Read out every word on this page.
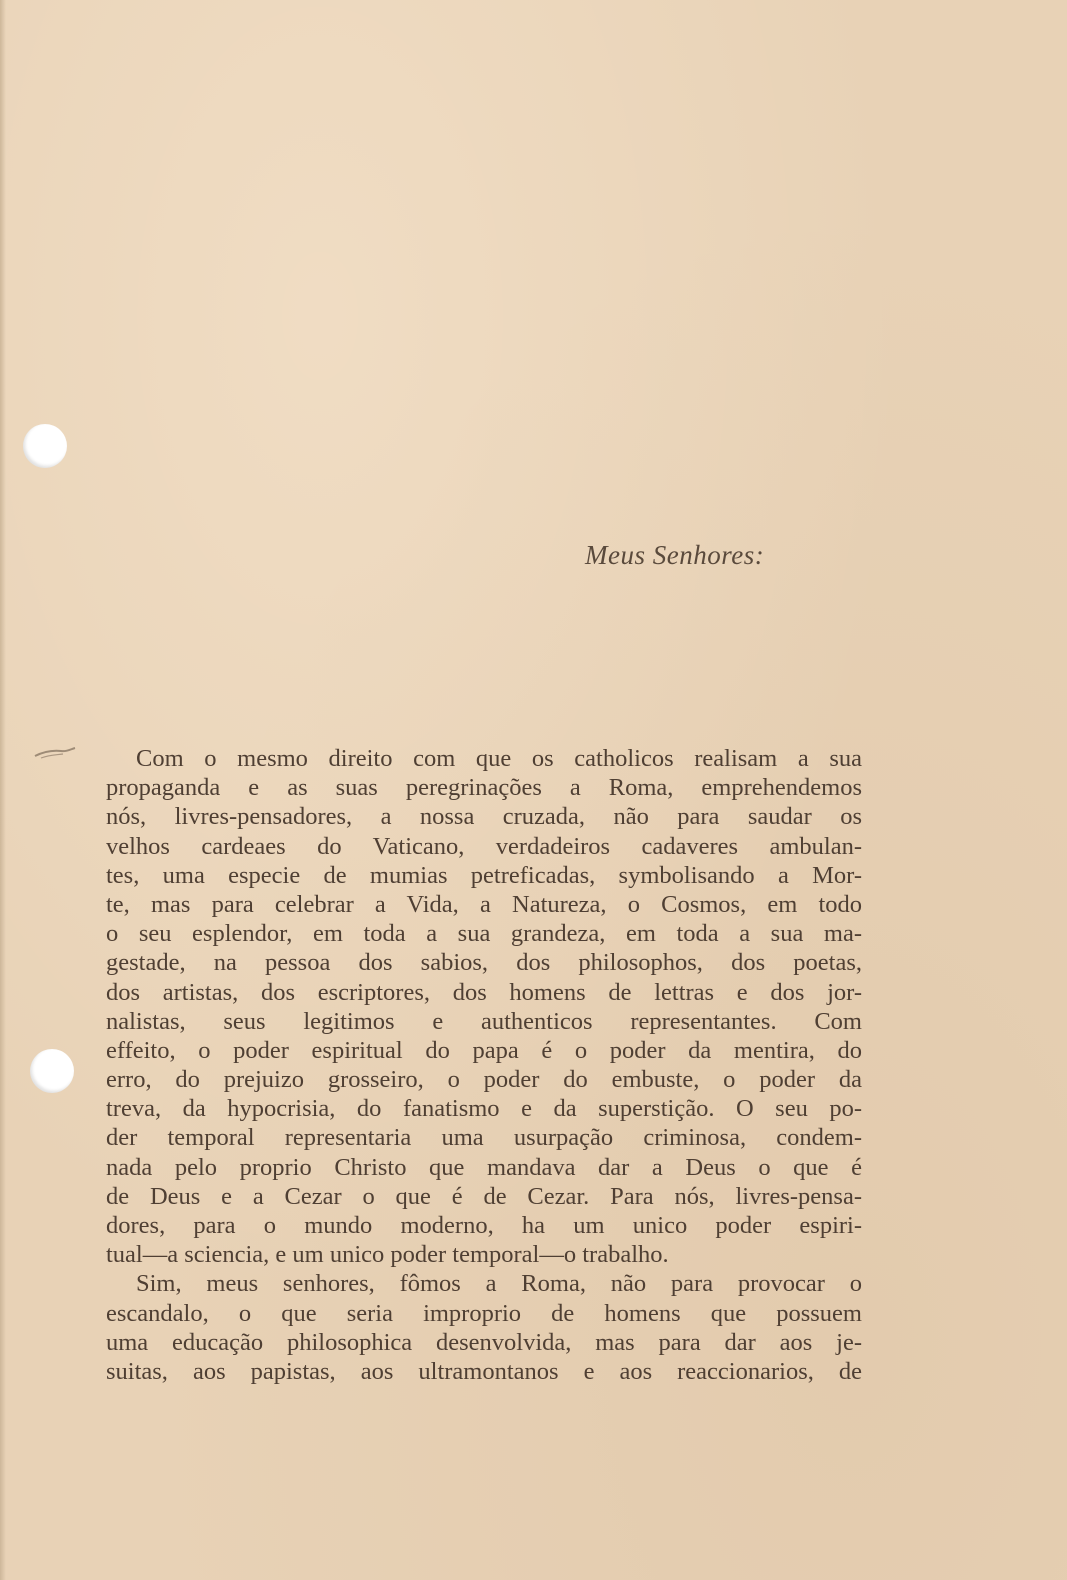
Meus Senhores:

Com o mesmo direito com que os catholicos realisam a sua
propaganda e as suas peregrinações a Roma, emprehendemos
nós, livres-pensadores, a nossa cruzada, não para saudar os
velhos cardeaes do Vaticano, verdadeiros cadaveres ambulan-
tes, uma especie de mumias petreficadas, symbolisando a Mor-
te, mas para celebrar a Vida, a Natureza, o Cosmos, em todo
o seu esplendor, em toda a sua grandeza, em toda a sua ma-
gestade, na pessoa dos sabios, dos philosophos, dos poetas,
dos artistas, dos escriptores, dos homens de lettras e dos jor-
nalistas, seus legitimos e authenticos representantes. Com
effeito, o poder espiritual do papa é o poder da mentira, do
erro, do prejuizo grosseiro, o poder do embuste, o poder da
treva, da hypocrisia, do fanatismo e da superstição. O seu po-
der temporal representaria uma usurpação criminosa, condem-
nada pelo proprio Christo que mandava dar a Deus o que é
de Deus e a Cezar o que é de Cezar. Para nós, livres-pensa-
dores, para o mundo moderno, ha um unico poder espiri-
tual—a sciencia, e um unico poder temporal—o trabalho.

Sim, meus senhores, fômos a Roma, não para provocar o
escandalo, o que seria improprio de homens que possuem
uma educação philosophica desenvolvida, mas para dar aos je-
suitas, aos papistas, aos ultramontanos e aos reaccionarios, de
